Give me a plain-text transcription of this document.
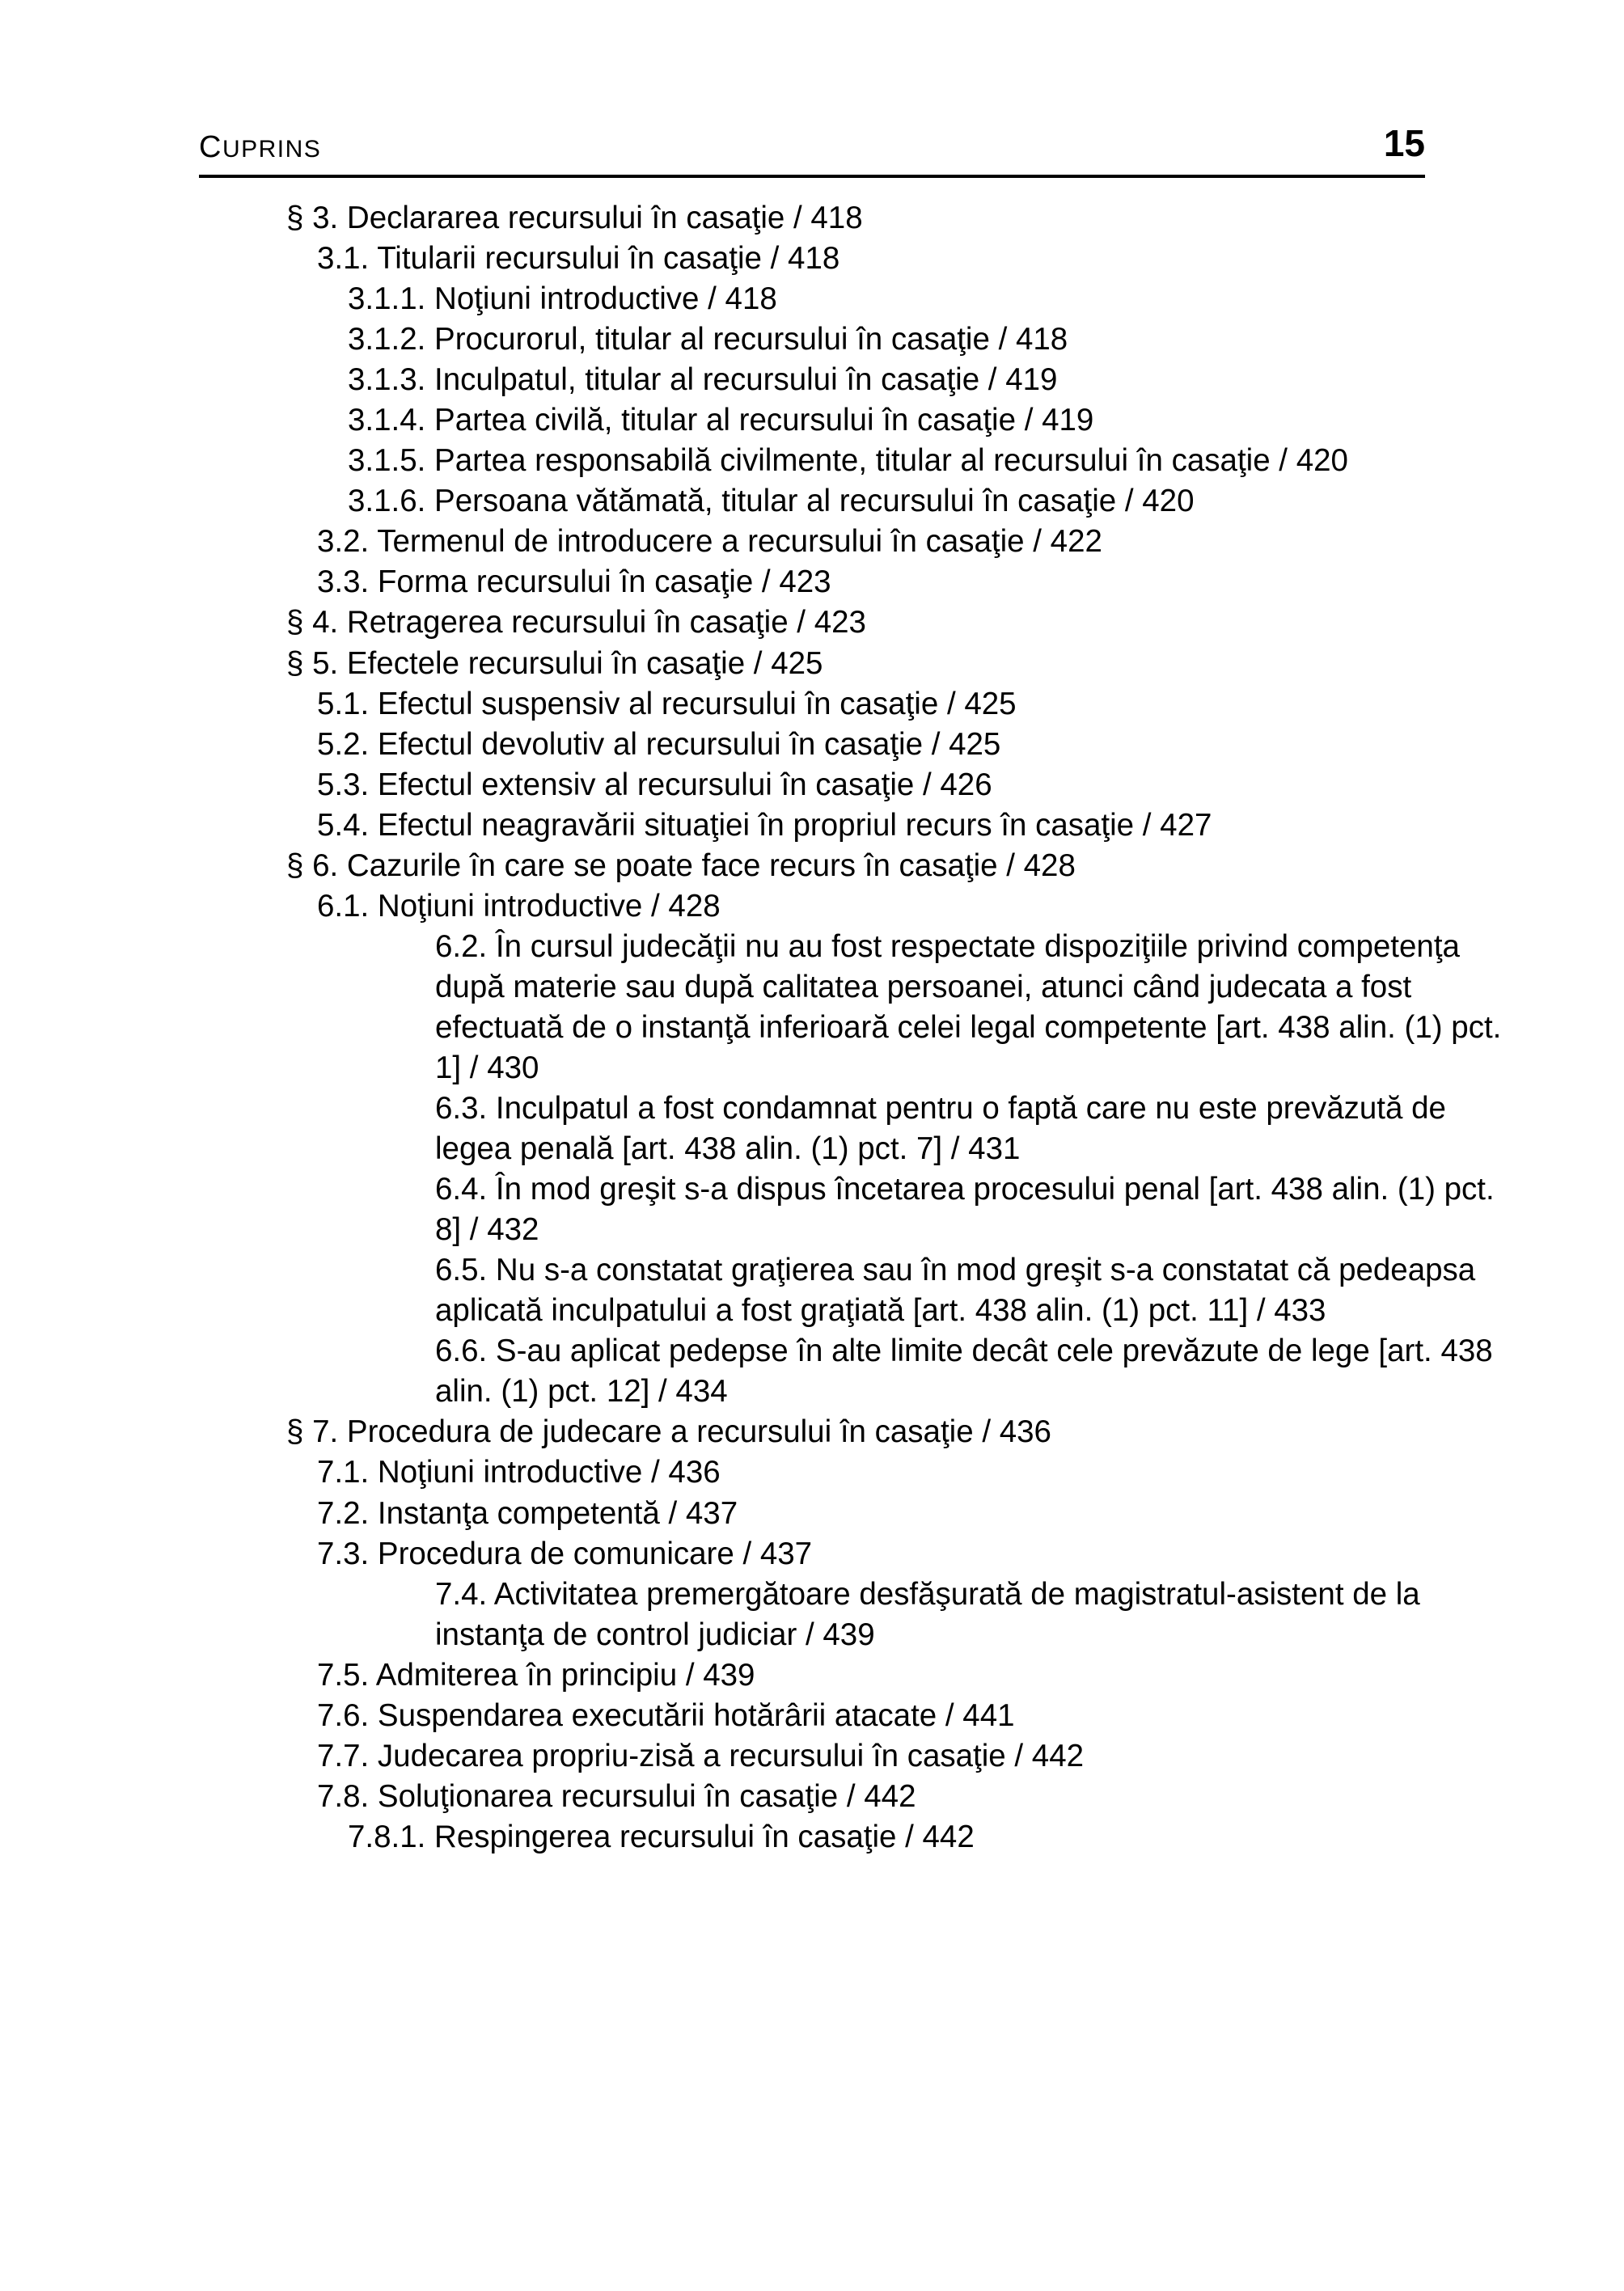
CUPRINS	15
§ 3. Declararea recursului în casaţie / 418
3.1. Titularii recursului în casaţie / 418
3.1.1. Noţiuni introductive / 418
3.1.2. Procurorul, titular al recursului în casaţie / 418
3.1.3. Inculpatul, titular al recursului în casaţie / 419
3.1.4. Partea civilă, titular al recursului în casaţie / 419
3.1.5. Partea responsabilă civilmente, titular al recursului în casaţie / 420
3.1.6. Persoana vătămată, titular al recursului în casaţie / 420
3.2. Termenul de introducere a recursului în casaţie / 422
3.3. Forma recursului în casaţie / 423
§ 4. Retragerea recursului în casaţie / 423
§ 5. Efectele recursului în casaţie / 425
5.1. Efectul suspensiv al recursului în casaţie / 425
5.2. Efectul devolutiv al recursului în casaţie / 425
5.3. Efectul extensiv al recursului în casaţie / 426
5.4. Efectul neagravării situaţiei în propriul recurs în casaţie / 427
§ 6. Cazurile în care se poate face recurs în casaţie / 428
6.1. Noţiuni introductive / 428
6.2. În cursul judecăţii nu au fost respectate dispoziţiile privind competenţa după materie sau după calitatea persoanei, atunci când judecata a fost efectuată de o instanţă inferioară celei legal competente [art. 438 alin. (1) pct. 1] / 430
6.3. Inculpatul a fost condamnat pentru o faptă care nu este prevăzută de legea penală [art. 438 alin. (1) pct. 7] / 431
6.4. În mod greşit s-a dispus încetarea procesului penal [art. 438 alin. (1) pct. 8] / 432
6.5. Nu s-a constatat graţierea sau în mod greşit s-a constatat că pedeapsa aplicată inculpatului a fost graţiată [art. 438 alin. (1) pct. 11] / 433
6.6. S-au aplicat pedepse în alte limite decât cele prevăzute de lege [art. 438 alin. (1) pct. 12] / 434
§ 7. Procedura de judecare a recursului în casaţie / 436
7.1. Noţiuni introductive / 436
7.2. Instanţa competentă / 437
7.3. Procedura de comunicare / 437
7.4. Activitatea premergătoare desfăşurată de magistratul-asistent de la instanţa de control judiciar / 439
7.5. Admiterea în principiu / 439
7.6. Suspendarea executării hotărârii atacate / 441
7.7. Judecarea propriu-zisă a recursului în casaţie / 442
7.8. Soluţionarea recursului în casaţie / 442
7.8.1. Respingerea recursului în casaţie / 442
